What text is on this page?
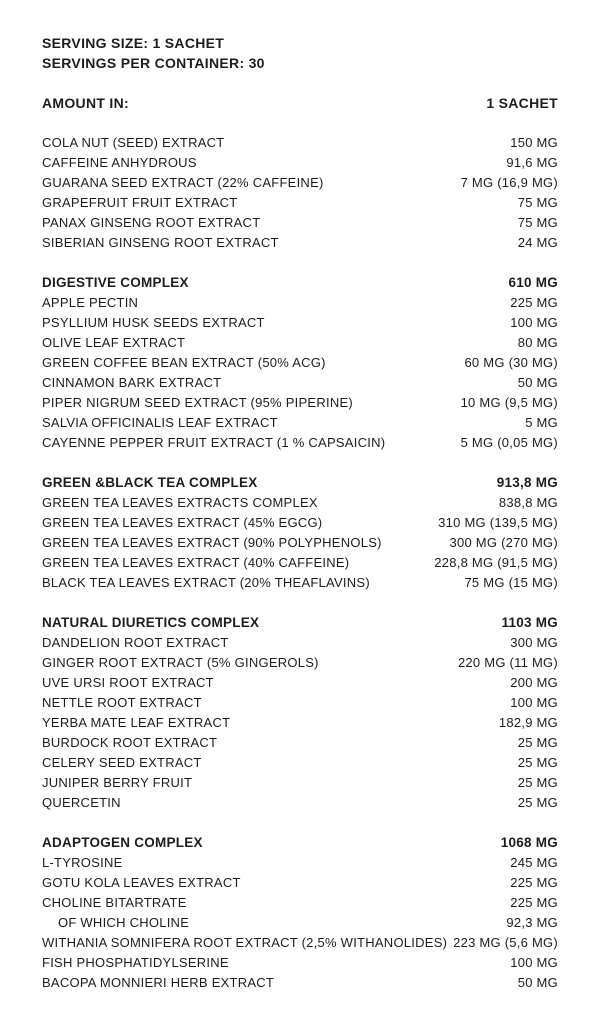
SERVING SIZE: 1 SACHET
SERVINGS PER CONTAINER: 30
AMOUNT IN:	1 SACHET
COLA NUT (SEED) EXTRACT	150 MG
CAFFEINE ANHYDROUS	91,6 MG
GUARANA SEED EXTRACT (22% CAFFEINE)	7 MG (16,9 MG)
GRAPEFRUIT FRUIT EXTRACT	75 MG
PANAX GINSENG ROOT EXTRACT	75 MG
SIBERIAN GINSENG ROOT EXTRACT	24 MG
DIGESTIVE COMPLEX	610 MG
APPLE PECTIN	225 MG
PSYLLIUM HUSK SEEDS EXTRACT	100 MG
OLIVE LEAF EXTRACT	80 MG
GREEN COFFEE BEAN EXTRACT (50% ACG)	60 MG (30 MG)
CINNAMON BARK EXTRACT	50 MG
PIPER NIGRUM SEED EXTRACT (95% PIPERINE)	10 MG (9,5 MG)
SALVIA OFFICINALIS LEAF EXTRACT	5 MG
CAYENNE PEPPER FRUIT EXTRACT (1 % CAPSAICIN)	5 MG (0,05 MG)
GREEN &BLACK TEA COMPLEX	913,8 MG
GREEN TEA LEAVES EXTRACTS COMPLEX	838,8 MG
GREEN TEA LEAVES EXTRACT (45% EGCG)	310 MG (139,5 MG)
GREEN TEA LEAVES EXTRACT (90% POLYPHENOLS)	300 MG (270 MG)
GREEN TEA LEAVES EXTRACT (40% CAFFEINE)	228,8 MG (91,5 MG)
BLACK TEA LEAVES EXTRACT (20% THEAFLAVINS)	75 MG (15 MG)
NATURAL DIURETICS COMPLEX	1103 MG
DANDELION ROOT EXTRACT	300 MG
GINGER ROOT EXTRACT (5% GINGEROLS)	220 MG (11 MG)
UVE URSI ROOT EXTRACT	200 MG
NETTLE ROOT EXTRACT	100 MG
YERBA MATE LEAF EXTRACT	182,9 MG
BURDOCK ROOT EXTRACT	25 MG
CELERY SEED EXTRACT	25 MG
JUNIPER BERRY FRUIT	25 MG
QUERCETIN	25 MG
ADAPTOGEN COMPLEX	1068 MG
L-TYROSINE	245 MG
GOTU KOLA LEAVES EXTRACT	225 MG
CHOLINE BITARTRATE	225 MG
OF WHICH CHOLINE	92,3 MG
WITHANIA SOMNIFERA ROOT EXTRACT (2,5% WITHANOLIDES) 223 MG (5,6 MG)
FISH PHOSPHATIDYLSERINE	100 MG
BACOPA MONNIERI HERB EXTRACT	50 MG
